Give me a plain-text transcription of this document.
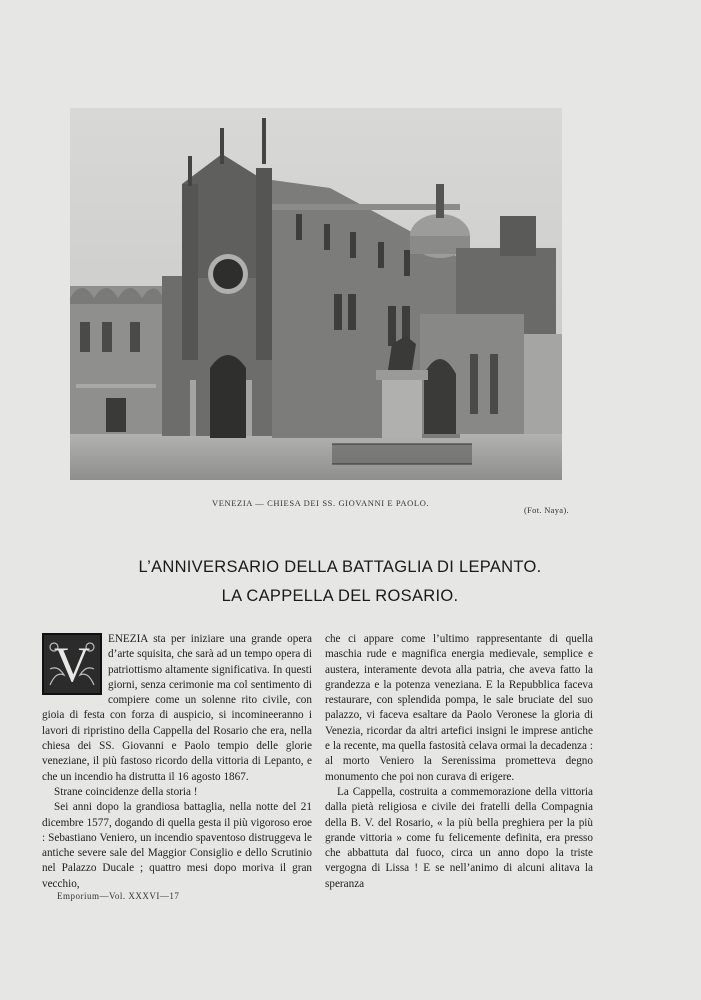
VENEZIA — CHIESA DEI SS. GIOVANNI E PAOLO.
(Fot. Naya).
L’ANNIVERSARIO DELLA BATTAGLIA DI LEPANTO.
LA CAPPELLA DEL ROSARIO.
V	ENEZIA sta per iniziare una grande opera d’arte squisita, che sarà ad un tempo opera di patriottismo altamente significativa. In questi giorni, senza cerimonie ma col sentimento di compiere come un solenne rito civile, con gioia di festa con forza di auspicio, si incomineeranno i lavori di ripristino della Cappella del Rosario che era, nella chiesa dei SS. Giovanni e Paolo tempio delle glorie veneziane, il più fastoso ricordo della vittoria di Lepanto, e che un incendio ha distrutta il 16 agosto 1867.

Strane coincidenze della storia !

Sei anni dopo la grandiosa battaglia, nella notte del 21 dicembre 1577, dogando di quella gesta il più vigoroso eroe : Sebastiano Veniero, un incendio spaventoso distruggeva le antiche severe sale del Maggior Consiglio e dello Scrutinio nel Palazzo Ducale ; quattro mesi dopo moriva il gran vecchio,

che ci appare come l’ultimo rappresentante di quella maschia rude e magnifica energia medievale, semplice e austera, interamente devota alla patria, che aveva fatto la grandezza e la potenza veneziana. E la Repubblica faceva restaurare, con splendida pompa, le sale bruciate del suo palazzo, vi faceva esaltare da Paolo Veronese la gloria di Venezia, ricordar da altri artefici insigni le imprese antiche e la recente, ma quella fastosità celava ormai la decadenza : al morto Veniero la Serenissima prometteva degno monumento che poi non curava di erigere.

La Cappella, costruita a commemorazione della vittoria dalla pietà religiosa e civile dei fratelli della Compagnia della B. V. del Rosario, « la più bella preghiera per la più grande vittoria » come fu felicemente definita, era presso che abbattuta dal fuoco, circa un anno dopo la triste vergogna di Lissa ! E se nell’animo di alcuni alitava la speranza

Emporium—Vol. XXXVI—17
